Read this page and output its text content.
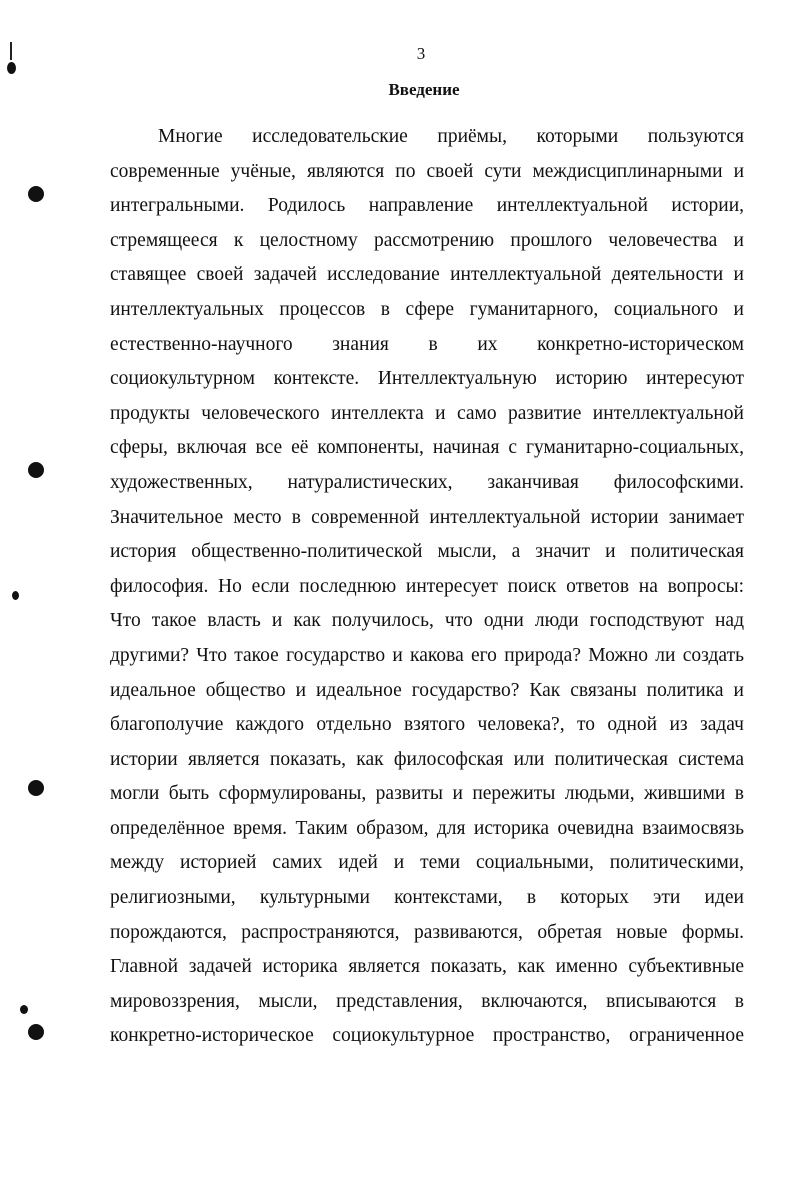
3
Введение
Многие исследовательские приёмы, которыми пользуются
современные учёные, являются по своей сути междисциплинарными и
интегральными. Родилось направление интеллектуальной истории,
стремящееся к целостному рассмотрению прошлого человечества и
ставящее своей задачей исследование интеллектуальной деятельности и
интеллектуальных процессов в сфере гуманитарного, социального и
естественно-научного знания в их конкретно-историческом
социокультурном контексте. Интеллектуальную историю интересуют
продукты человеческого интеллекта и само развитие интеллектуальной
сферы, включая все её компоненты, начиная с гуманитарно-социальных,
художественных, натуралистических, заканчивая философскими.
Значительное место в современной интеллектуальной истории занимает
история общественно-политической мысли, а значит и политическая
философия. Но если последнюю интересует поиск ответов на вопросы:
Что такое власть и как получилось, что одни люди господствуют над
другими? Что такое государство и какова его природа? Можно ли создать
идеальное общество и идеальное государство? Как связаны политика и
благополучие каждого отдельно взятого человека?, то одной из задач
истории является показать, как философская или политическая система
могли быть сформулированы, развиты и пережиты людьми, жившими в
определённое время. Таким образом, для историка очевидна взаимосвязь
между историей самих идей и теми социальными, политическими,
религиозными, культурными контекстами, в которых эти идеи
порождаются, распространяются, развиваются, обретая новые формы.
Главной задачей историка является показать, как именно субъективные
мировоззрения, мысли, представления, включаются, вписываются в
конкретно-историческое социокультурное пространство, ограниченное
